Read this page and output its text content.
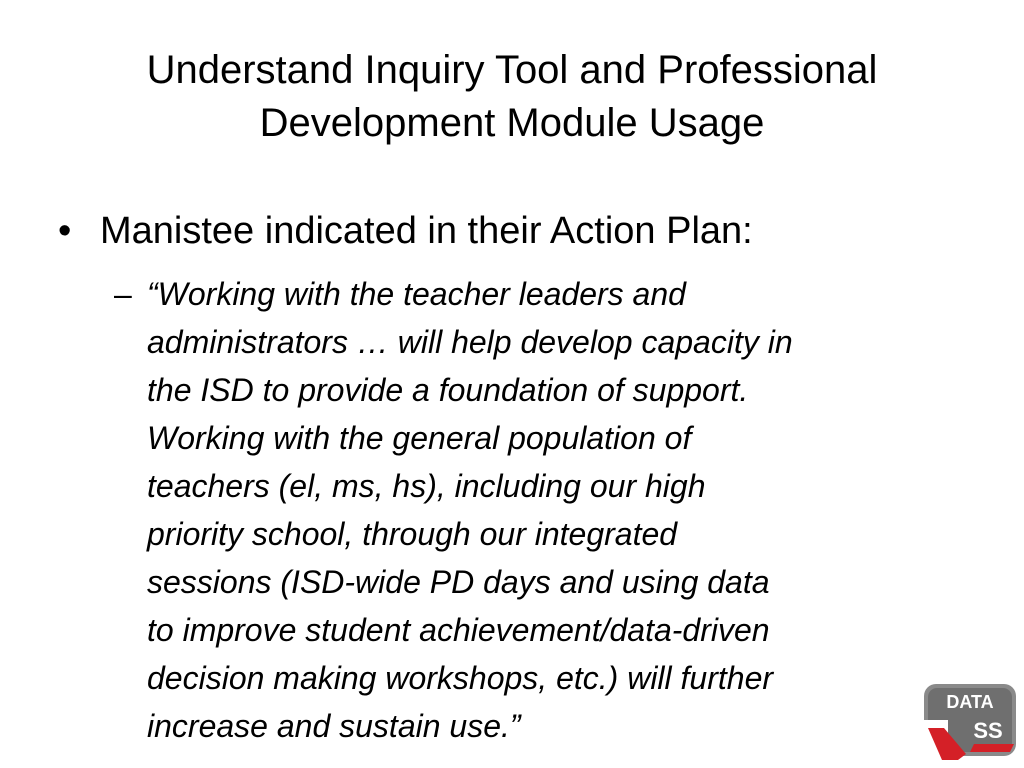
Understand Inquiry Tool and Professional
Development Module Usage
• Manistee indicated in their Action Plan:
– “Working with the teacher leaders and
administrators … will help develop capacity in
the ISD to provide a foundation of support.
Working with the general population of
teachers (el, ms, hs), including our high
priority school, through our integrated
sessions (ISD-wide PD days and using data
to improve student achievement/data-driven
decision making workshops, etc.) will further
increase and sustain use.”

DATA
SS
